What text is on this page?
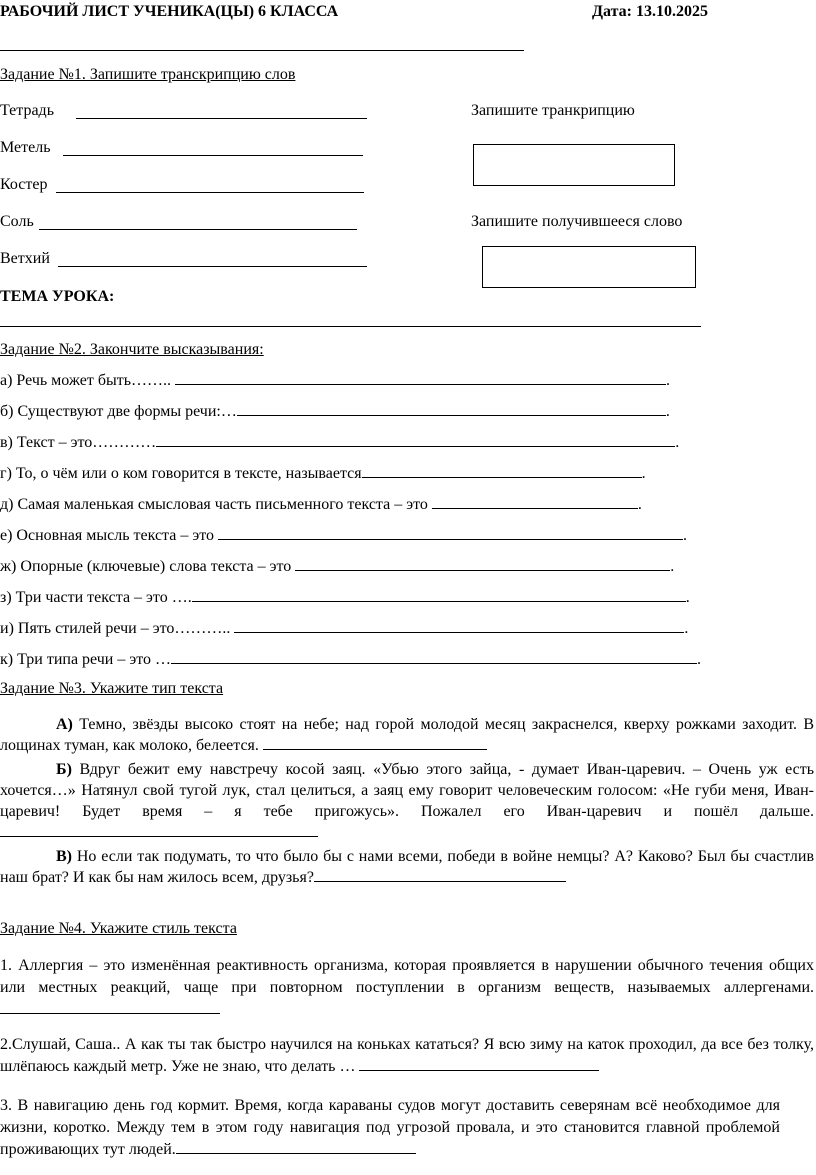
РАБОЧИЙ ЛИСТ УЧЕНИКА(ЦЫ) 6 КЛАССА	Дата: 13.10.2025
Задание №1. Запишите транскрипцию слов
Тетрадь
Метель
Костер
Соль
Ветхий
Запишите транкрипцию
Запишите получившееся слово
ТЕМА УРОКА:
Задание №2. Закончите высказывания:
а) Речь может быть……..	.
б) Существуют две формы речи:…	.
в) Текст – это…………	.
г) То, о чём или о ком говорится в тексте, называется	.
д) Самая маленькая смысловая часть письменного текста – это	.
е) Основная мысль текста – это	.
ж) Опорные (ключевые) слова текста – это	.
з) Три части текста – это ….	.
и) Пять стилей речи – это………..	.
к) Три типа речи – это …	.
Задание №3. Укажите тип текста
А) Темно, звёзды высоко стоят на небе; над горой молодой месяц закраснелся, кверху рожками заходит. В лощинах туман, как молоко, белеется.
Б) Вдруг бежит ему навстречу косой заяц. «Убью этого зайца, - думает Иван-царевич. – Очень уж есть хочется…» Натянул свой тугой лук, стал целиться, а заяц ему говорит человеческим голосом: «Не губи меня, Иван-царевич! Будет время – я тебе пригожусь». Пожалел его Иван-царевич и пошёл дальше.
В) Но если так подумать, то что было бы с нами всеми, победи в войне немцы? А? Каково? Был бы счастлив наш брат? И как бы нам жилось всем, друзья?
Задание №4. Укажите стиль текста
1. Аллергия – это изменённая реактивность организма, которая проявляется в нарушении обычного течения общих или местных реакций, чаще при повторном поступлении в организм веществ, называемых аллергенами.
2.Слушай, Саша.. А как ты так быстро научился на коньках кататься? Я всю зиму на каток проходил, да все без толку, шлёпаюсь каждый метр. Уже не знаю, что делать …
3. В навигацию день год кормит. Время, когда караваны судов могут доставить северянам всё необходимое для жизни, коротко. Между тем в этом году навигация под угрозой провала, и это становится главной проблемой проживающих тут людей.
